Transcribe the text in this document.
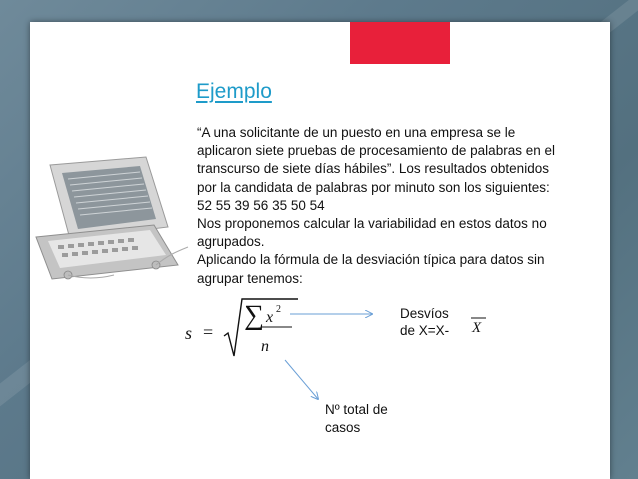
Ejemplo
“A una solicitante de un puesto en una empresa se le
aplicaron siete pruebas de procesamiento de palabras en el
transcurso de siete días hábiles”. Los resultados obtenidos
por la candidata de palabras por minuto son los siguientes:
52 55 39 56 35 50 54
Nos proponemos calcular la variabilidad en estos datos no
agrupados.
Aplicando la fórmula de la desviación típica para datos sin
agrupar tenemos:
s =
∑ x 2
n
Desvíos
de X=X- X
Nº total de
casos
